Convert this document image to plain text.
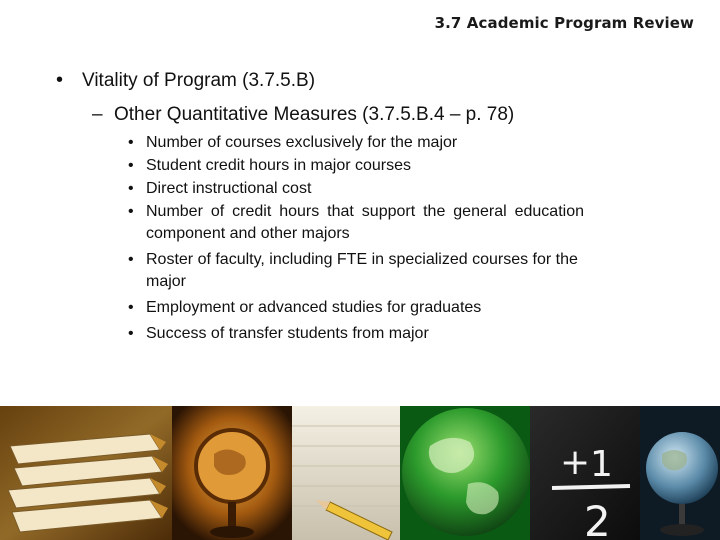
3.7 Academic Program Review
• Vitality of Program (3.7.5.B)
– Other Quantitative Measures (3.7.5.B.4 – p. 78)
• Number of courses exclusively for the major
• Student credit hours in major courses
• Direct instructional cost
• Number of credit hours that support the general education component and other majors
• Roster of faculty, including FTE in specialized courses for the major
• Employment or advanced studies for graduates
• Success of transfer students from major
+ 1
2
